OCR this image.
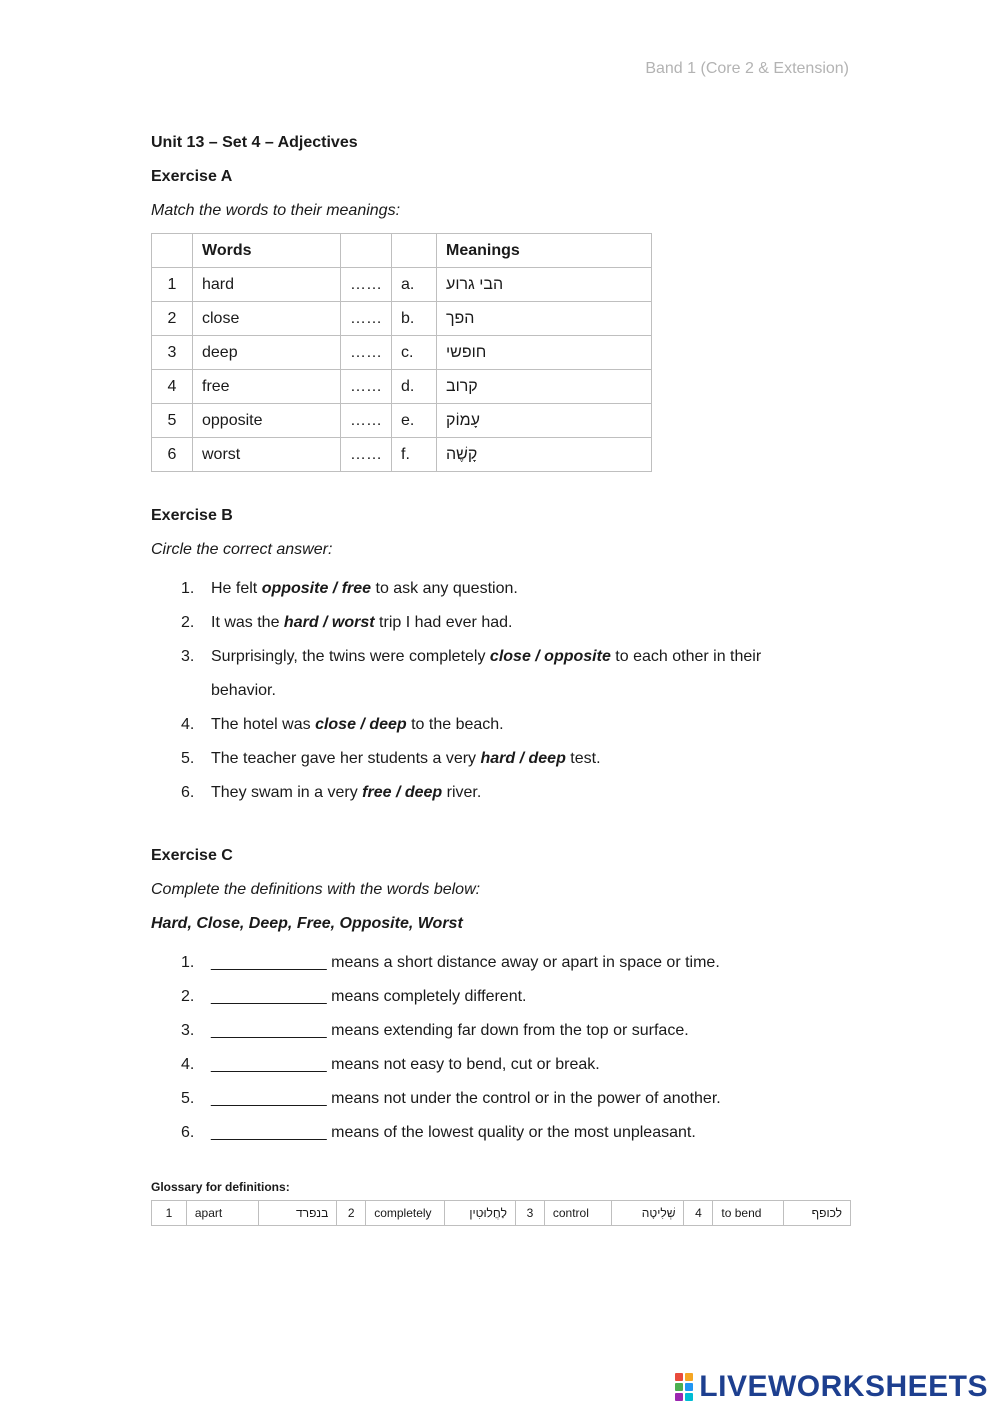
Band 1 (Core 2 & Extension)
Unit 13 – Set 4 – Adjectives
Exercise A
Match the words to their meanings:
	Words			Meanings
1	hard	……	a.	הבי גרוע
2	close	……	b.	הפך
3	deep	……	c.	חופשי
4	free	……	d.	קרוב
5	opposite	……	e.	עָמוֹק
6	worst	……	f.	קָשֶׁה
Exercise B
Circle the correct answer:
1. He felt opposite / free to ask any question.
2. It was the hard / worst trip I had ever had.
3. Surprisingly, the twins were completely close / opposite to each other in their
behavior.
4. The hotel was close / deep to the beach.
5. The teacher gave her students a very hard / deep test.
6. They swam in a very free / deep river.
Exercise C
Complete the definitions with the words below:
Hard, Close, Deep, Free, Opposite, Worst
1. _____________ means a short distance away or apart in space or time.
2. _____________ means completely different.
3. _____________ means extending far down from the top or surface.
4. _____________ means not easy to bend, cut or break.
5. _____________ means not under the control or in the power of another.
6. _____________ means of the lowest quality or the most unpleasant.
Glossary for definitions:
1	apart	בנפרד	2	completely	לַחֲלוּטִין	3	control	שְׁלִיטָה	4	to bend	לכופף
LIVEWORKSHEETS
